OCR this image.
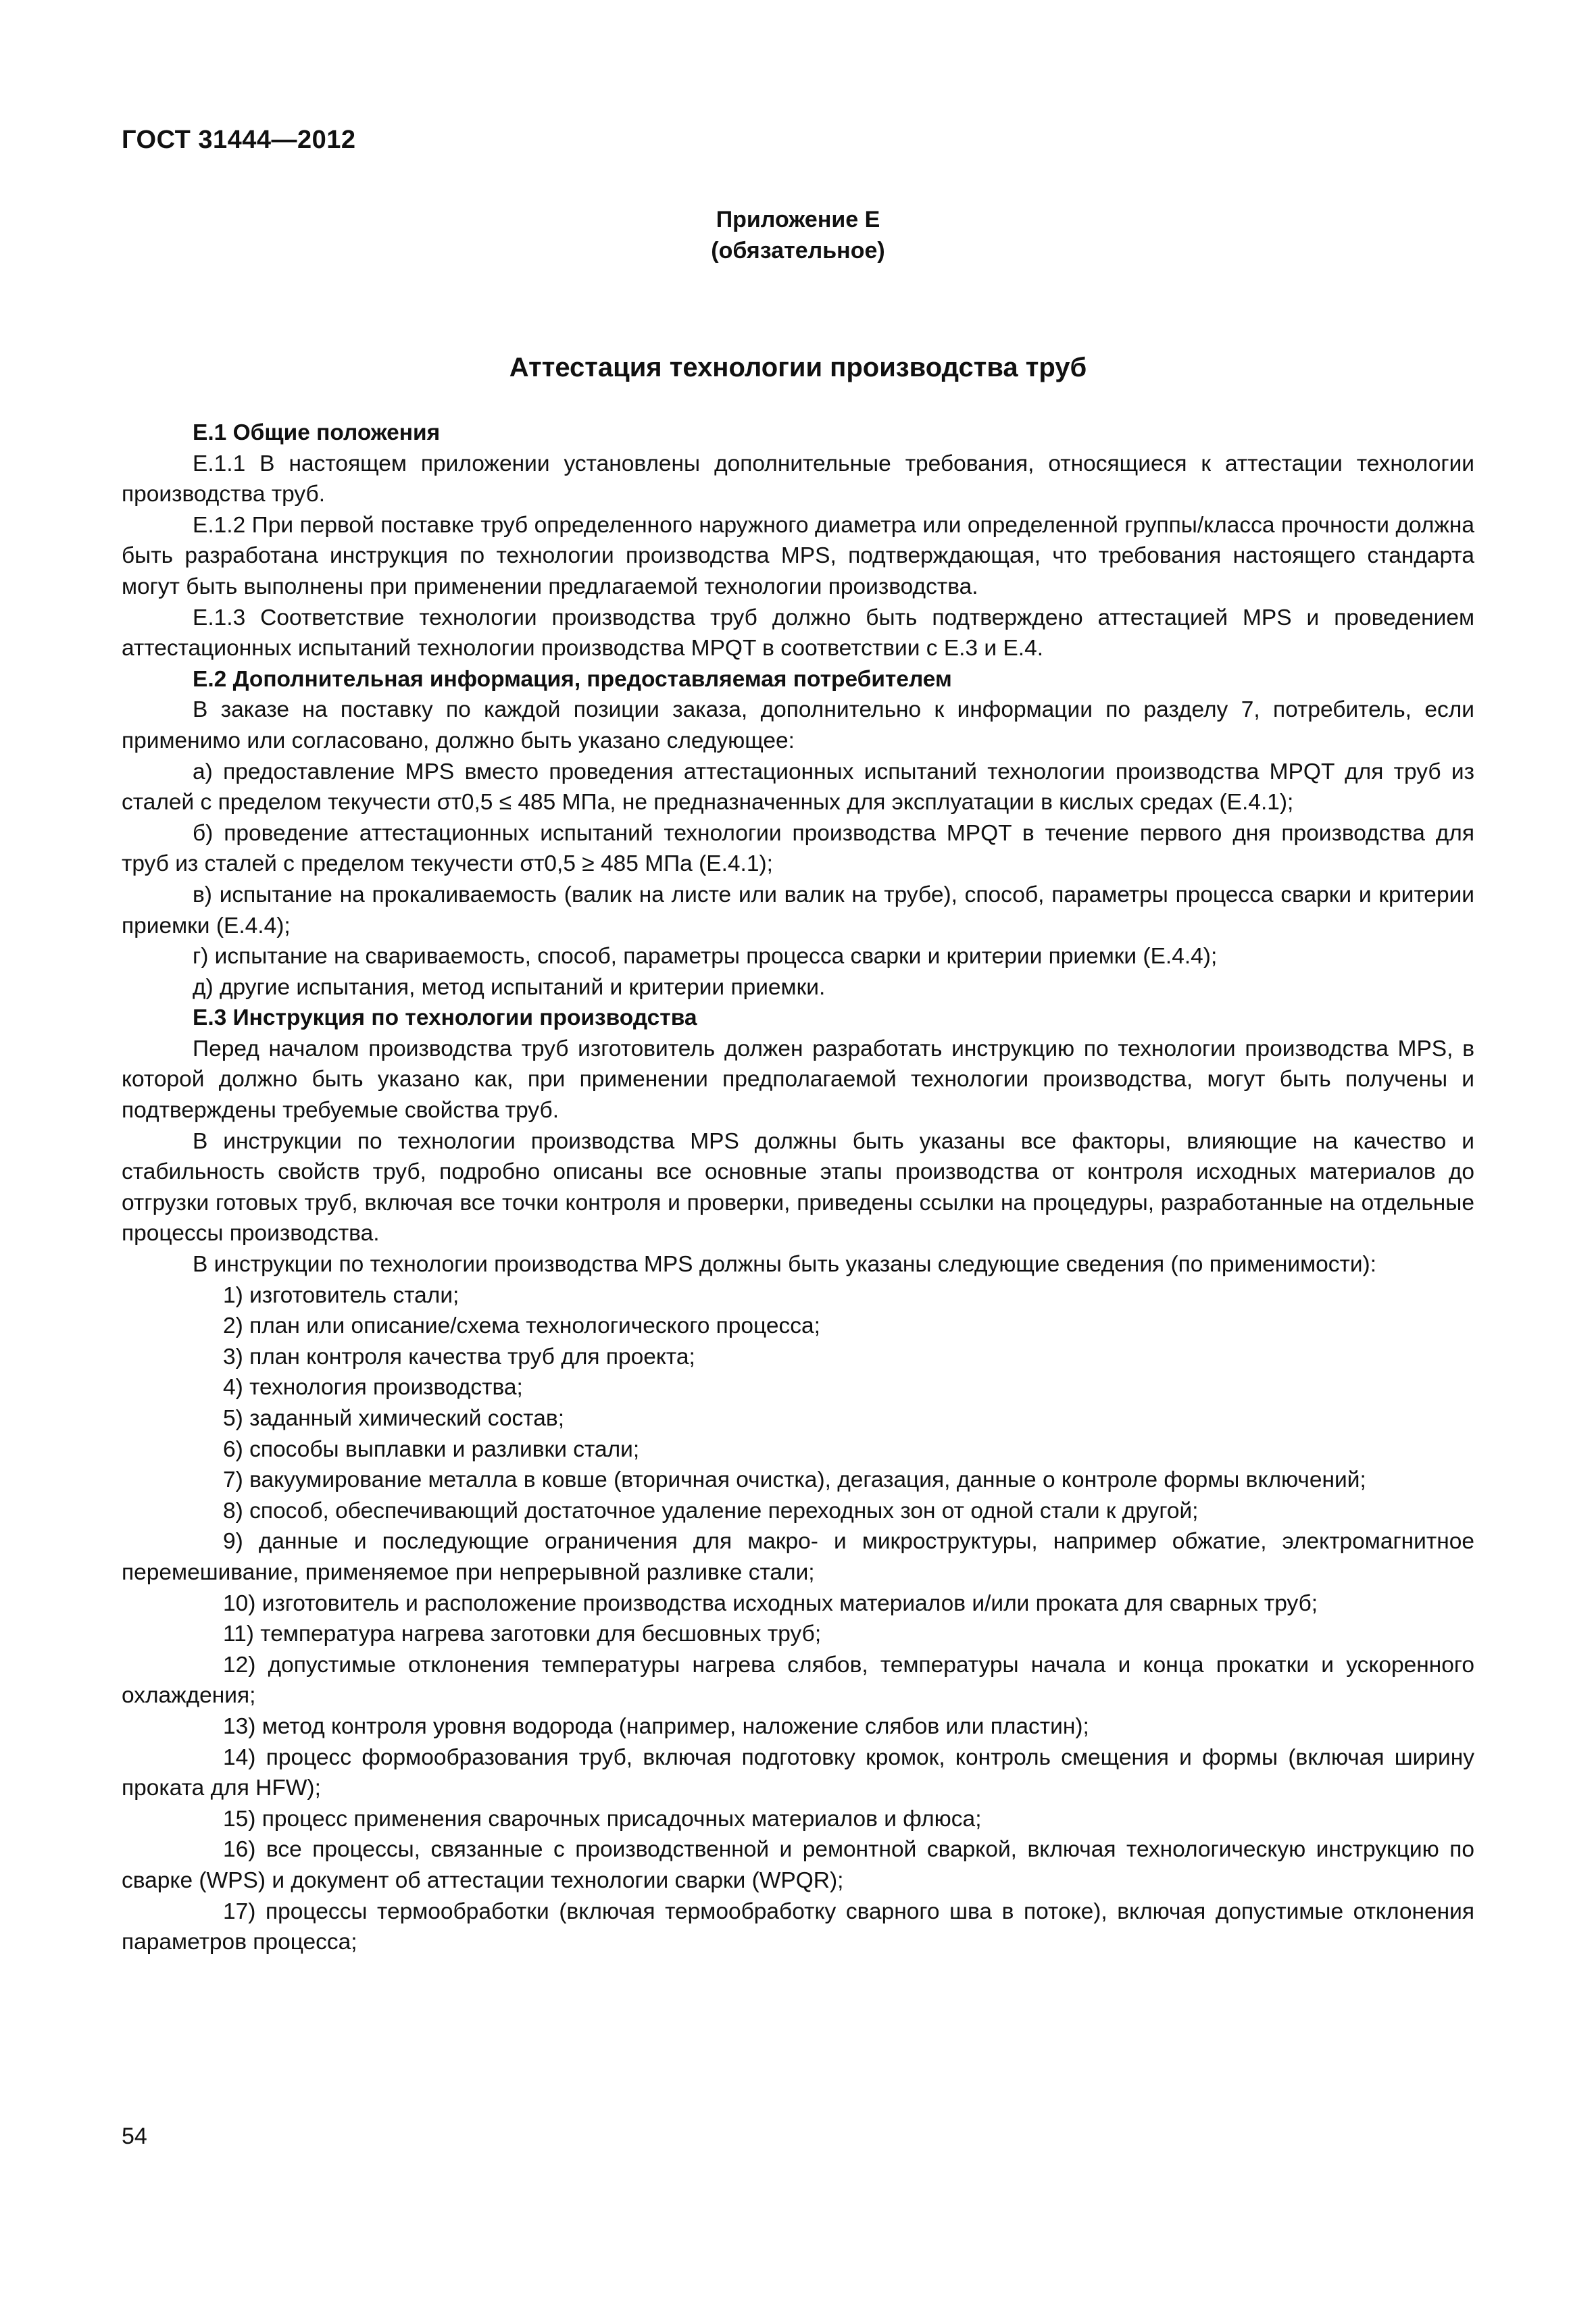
ГОСТ 31444—2012
Приложение Е
(обязательное)
Аттестация технологии производства труб

Е.1 Общие положения

Е.1.1 В настоящем приложении установлены дополнительные требования, относящиеся к аттестации технологии производства труб.

Е.1.2 При первой поставке труб определенного наружного диаметра или определенной группы/класса прочности должна быть разработана инструкция по технологии производства MPS, подтверждающая, что требования настоящего стандарта могут быть выполнены при применении предлагаемой технологии производства.

Е.1.3 Соответствие технологии производства труб должно быть подтверждено аттестацией MPS и проведением аттестационных испытаний технологии производства MPQT в соответствии с Е.3 и Е.4.

Е.2 Дополнительная информация, предоставляемая потребителем

В заказе на поставку по каждой позиции заказа, дополнительно к информации по разделу 7, потребитель, если применимо или согласовано, должно быть указано следующее:

а) предоставление MPS вместо проведения аттестационных испытаний технологии производства MPQT для труб из сталей с пределом текучести σт0,5 ≤ 485 МПа, не предназначенных для эксплуатации в кислых средах (Е.4.1);

б) проведение аттестационных испытаний технологии производства MPQT в течение первого дня производства для труб из сталей с пределом текучести σт0,5 ≥ 485 МПа (Е.4.1);

в) испытание на прокаливаемость (валик на листе или валик на трубе), способ, параметры процесса сварки и критерии приемки (Е.4.4);

г) испытание на свариваемость, способ, параметры процесса сварки и критерии приемки (Е.4.4);

д) другие испытания, метод испытаний и критерии приемки.

Е.3 Инструкция по технологии производства

Перед началом производства труб изготовитель должен разработать инструкцию по технологии производства MPS, в которой должно быть указано как, при применении предполагаемой технологии производства, могут быть получены и подтверждены требуемые свойства труб.

В инструкции по технологии производства MPS должны быть указаны все факторы, влияющие на качество и стабильность свойств труб, подробно описаны все основные этапы производства от контроля исходных материалов до отгрузки готовых труб, включая все точки контроля и проверки, приведены ссылки на процедуры, разработанные на отдельные процессы производства.

В инструкции по технологии производства MPS должны быть указаны следующие сведения (по применимости):

1) изготовитель стали;

2) план или описание/схема технологического процесса;

3) план контроля качества труб для проекта;

4) технология производства;

5) заданный химический состав;

6) способы выплавки и разливки стали;

7) вакуумирование металла в ковше (вторичная очистка), дегазация, данные о контроле формы включений;

8) способ, обеспечивающий достаточное удаление переходных зон от одной стали к другой;

9) данные и последующие ограничения для макро- и микроструктуры, например обжатие, электромагнитное перемешивание, применяемое при непрерывной разливке стали;

10) изготовитель и расположение производства исходных материалов и/или проката для сварных труб;

11) температура нагрева заготовки для бесшовных труб;

12) допустимые отклонения температуры нагрева слябов, температуры начала и конца прокатки и ускоренного охлаждения;

13) метод контроля уровня водорода (например, наложение слябов или пластин);

14) процесс формообразования труб, включая подготовку кромок, контроль смещения и формы (включая ширину проката для HFW);

15) процесс применения сварочных присадочных материалов и флюса;

16) все процессы, связанные с производственной и ремонтной сваркой, включая технологическую инструкцию по сварке (WPS) и документ об аттестации технологии сварки (WPQR);

17) процессы термообработки (включая термообработку сварного шва в потоке), включая допустимые отклонения параметров процесса;

54
